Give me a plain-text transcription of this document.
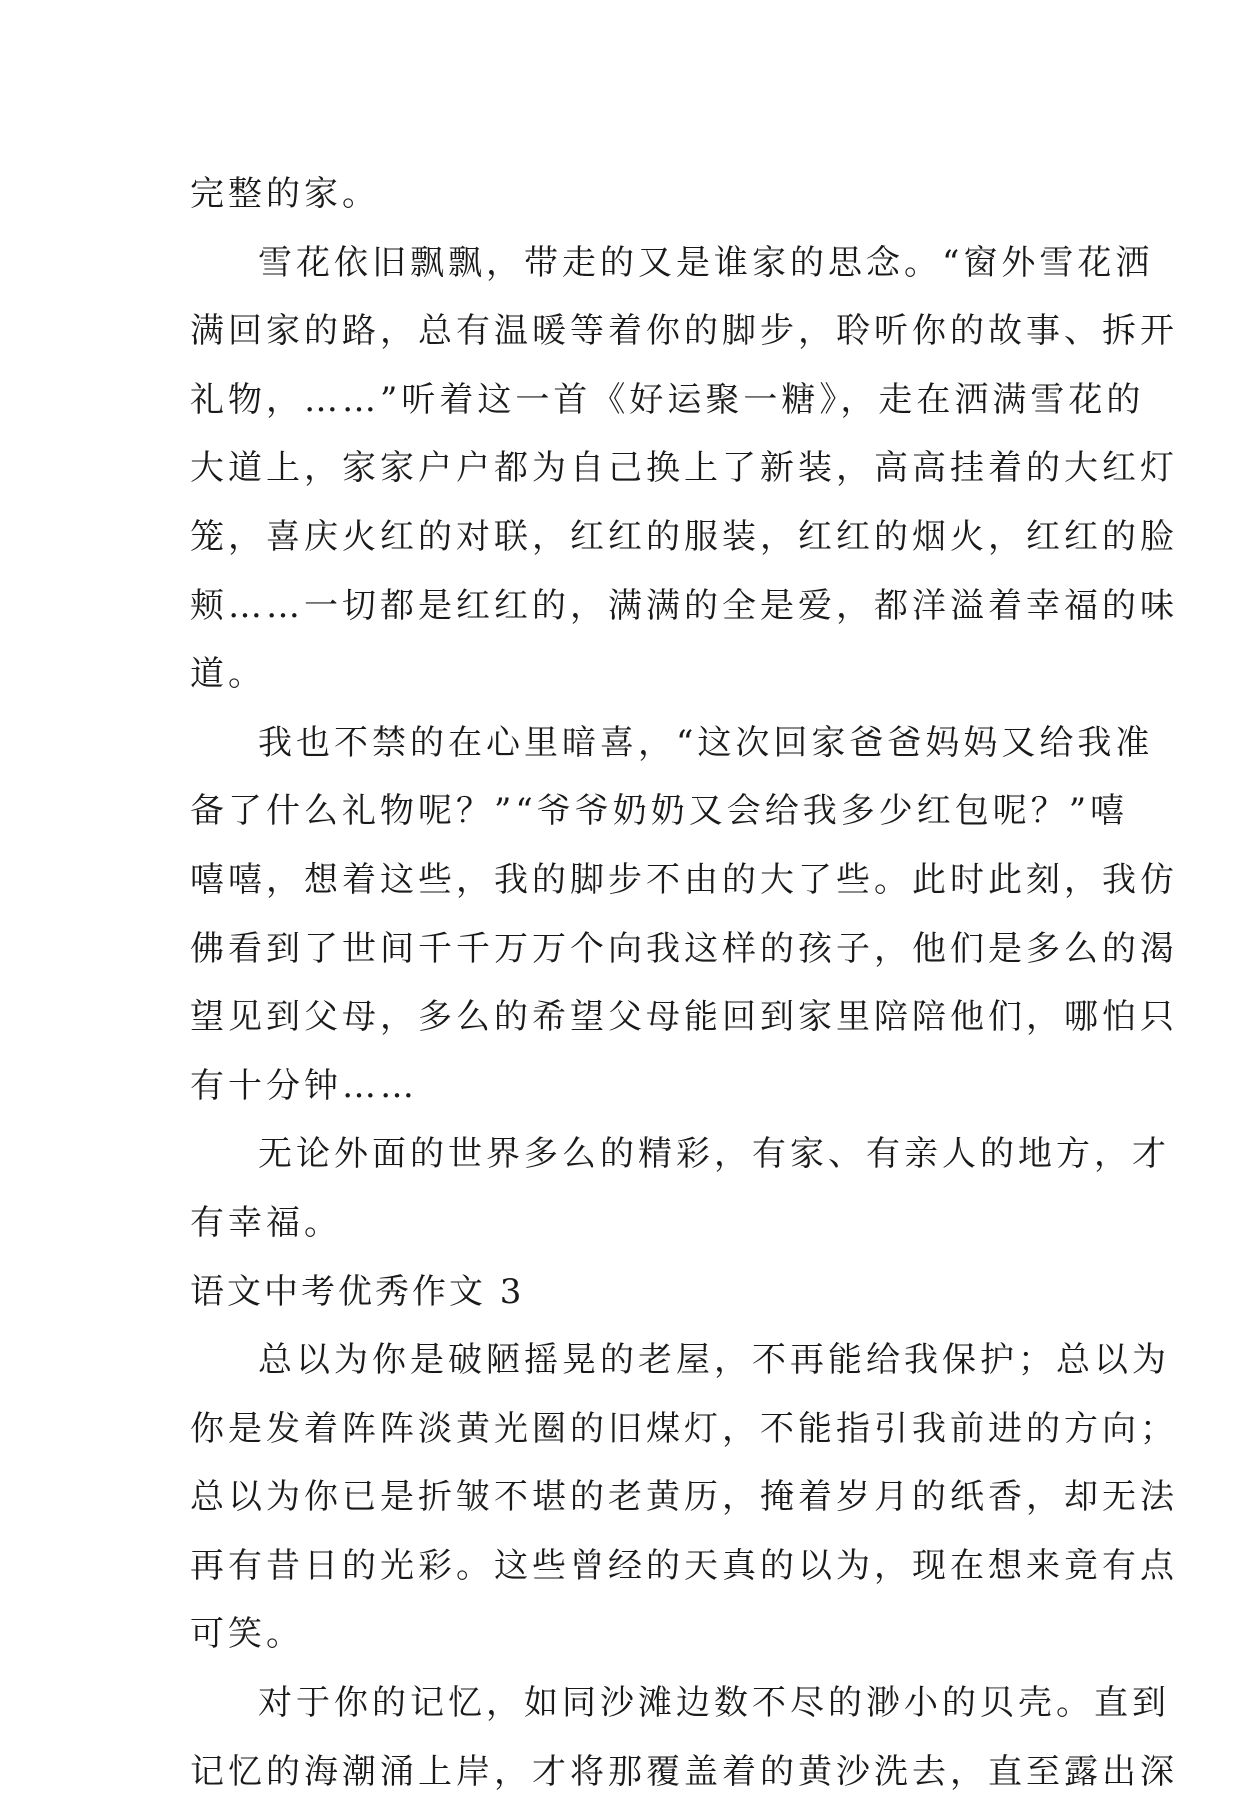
完整的家。
雪花依旧飘飘，带走的又是谁家的思念。“窗外雪花洒
满回家的路，总有温暖等着你的脚步，聆听你的故事、拆开
礼物，……”听着这一首《好运聚一糖》，走在洒满雪花的
大道上，家家户户都为自己换上了新装，高高挂着的大红灯
笼，喜庆火红的对联，红红的服装，红红的烟火，红红的脸
颊……一切都是红红的，满满的全是爱，都洋溢着幸福的味
道。
我也不禁的在心里暗喜，“这次回家爸爸妈妈又给我准
备了什么礼物呢？”“爷爷奶奶又会给我多少红包呢？”嘻
嘻嘻，想着这些，我的脚步不由的大了些。此时此刻，我仿
佛看到了世间千千万万个向我这样的孩子，他们是多么的渴
望见到父母，多么的希望父母能回到家里陪陪他们，哪怕只
有十分钟……
无论外面的世界多么的精彩，有家、有亲人的地方，才
有幸福。
语文中考优秀作文 3
总以为你是破陋摇晃的老屋，不再能给我保护；总以为
你是发着阵阵淡黄光圈的旧煤灯，不能指引我前进的方向；
总以为你已是折皱不堪的老黄历，掩着岁月的纸香，却无法
再有昔日的光彩。这些曾经的天真的以为，现在想来竟有点
可笑。
对于你的记忆，如同沙滩边数不尽的渺小的贝壳。直到
记忆的海潮涌上岸，才将那覆盖着的黄沙洗去，直至露出深
